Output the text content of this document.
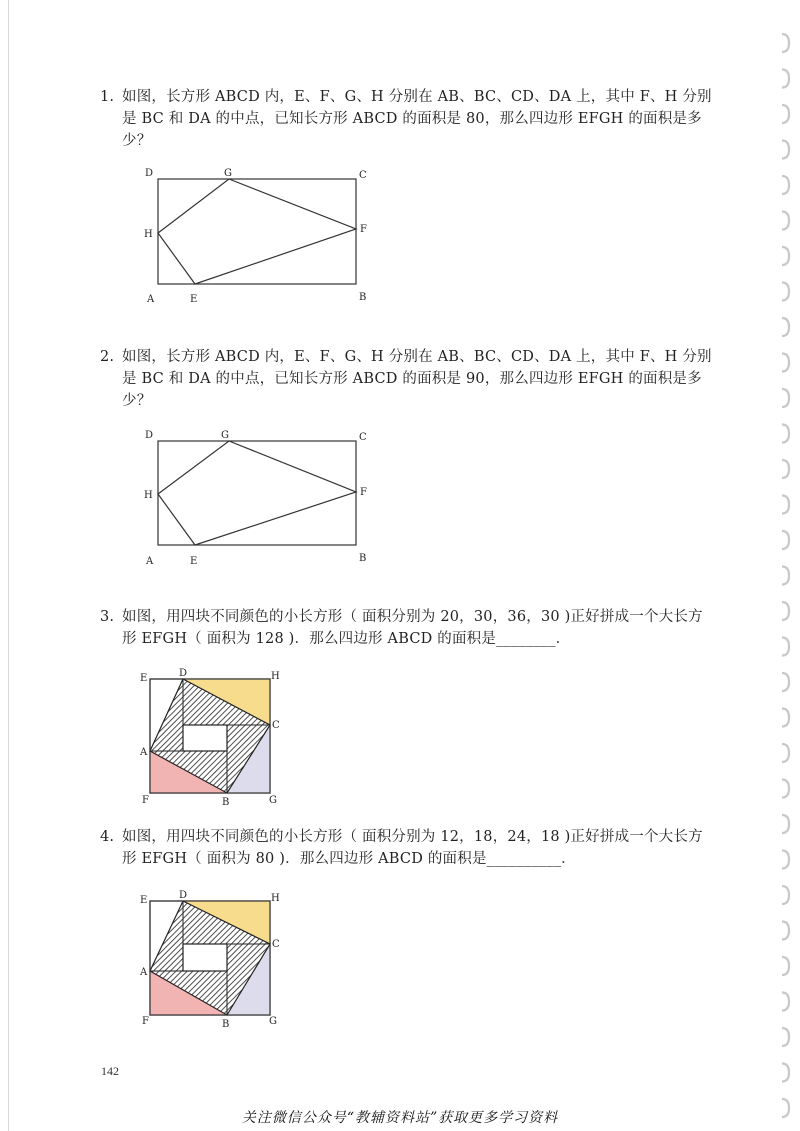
1. 如图，长方形 ABCD 内，E、F、G、H 分别在 AB、BC、CD、DA 上，其中 F、H 分别
是 BC 和 DA 的中点，已知长方形 ABCD 的面积是 80，那么四边形 EFGH 的面积是多少？
D	G	C
H	F
A	E	B
2. 如图，长方形 ABCD 内，E、F、G、H 分别在 AB、BC、CD、DA 上，其中 F、H 分别
是 BC 和 DA 的中点，已知长方形 ABCD 的面积是 90，那么四边形 EFGH 的面积是多少？
D	G	C
H	F
A	E	B
3. 如图，用四块不同颜色的小长方形（ 面积分别为 20，30，36，30 )正好拼成一个大长方
形 EFGH（ 面积为 128 )．那么四边形 ABCD 的面积是________．
E	D	H
C
A
F	B	G
4. 如图，用四块不同颜色的小长方形（ 面积分别为 12，18，24，18 )正好拼成一个大长方
形 EFGH（ 面积为 80 )．那么四边形 ABCD 的面积是__________．
E	D	H
C
A
F	B	G
142
关注微信公众号“教辅资料站”获取更多学习资料
